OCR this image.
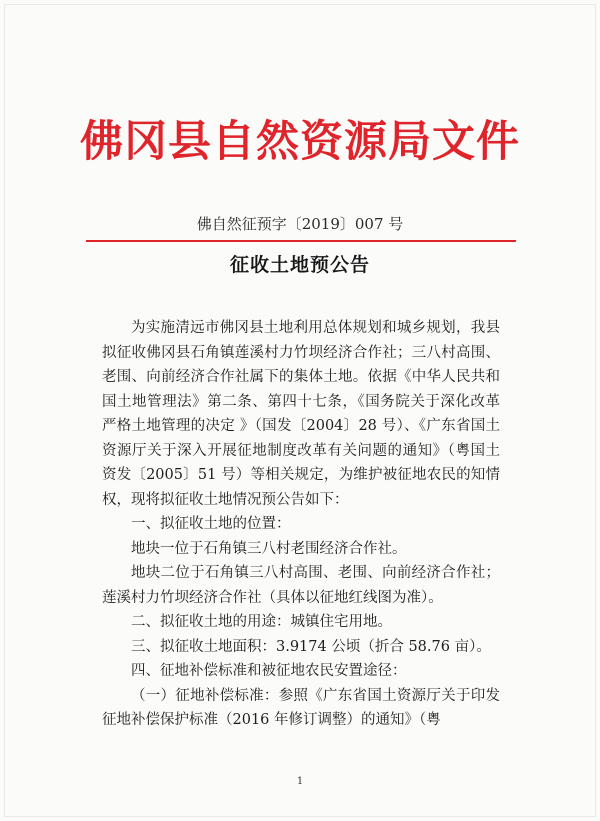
佛冈县自然资源局文件
佛自然征预字〔2019〕007 号
征收土地预公告

为实施清远市佛冈县土地利用总体规划和城乡规划，我县拟征收佛冈县石角镇莲溪村力竹坝经济合作社；三八村高围、老围、向前经济合作社属下的集体土地。依据《中华人民共和国土地管理法》第二条、第四十七条，《国务院关于深化改革严格土地管理的决定 》（国发〔2004〕28 号）、《广东省国土资源厅关于深入开展征地制度改革有关问题的通知》（粤国土资发〔2005〕51 号）等相关规定，为维护被征地农民的知情权，现将拟征收土地情况预公告如下：

一、拟征收土地的位置：

地块一位于石角镇三八村老围经济合作社。

地块二位于石角镇三八村高围、老围、向前经济合作社；莲溪村力竹坝经济合作社（具体以征地红线图为准）。

二、拟征收土地的用途：城镇住宅用地。

三、拟征收土地面积：3.9174 公顷（折合 58.76 亩）。

四、征地补偿标准和被征地农民安置途径：

（一）征地补偿标准：参照《广东省国土资源厅关于印发征地补偿保护标准（2016 年修订调整）的通知》（粤

1
